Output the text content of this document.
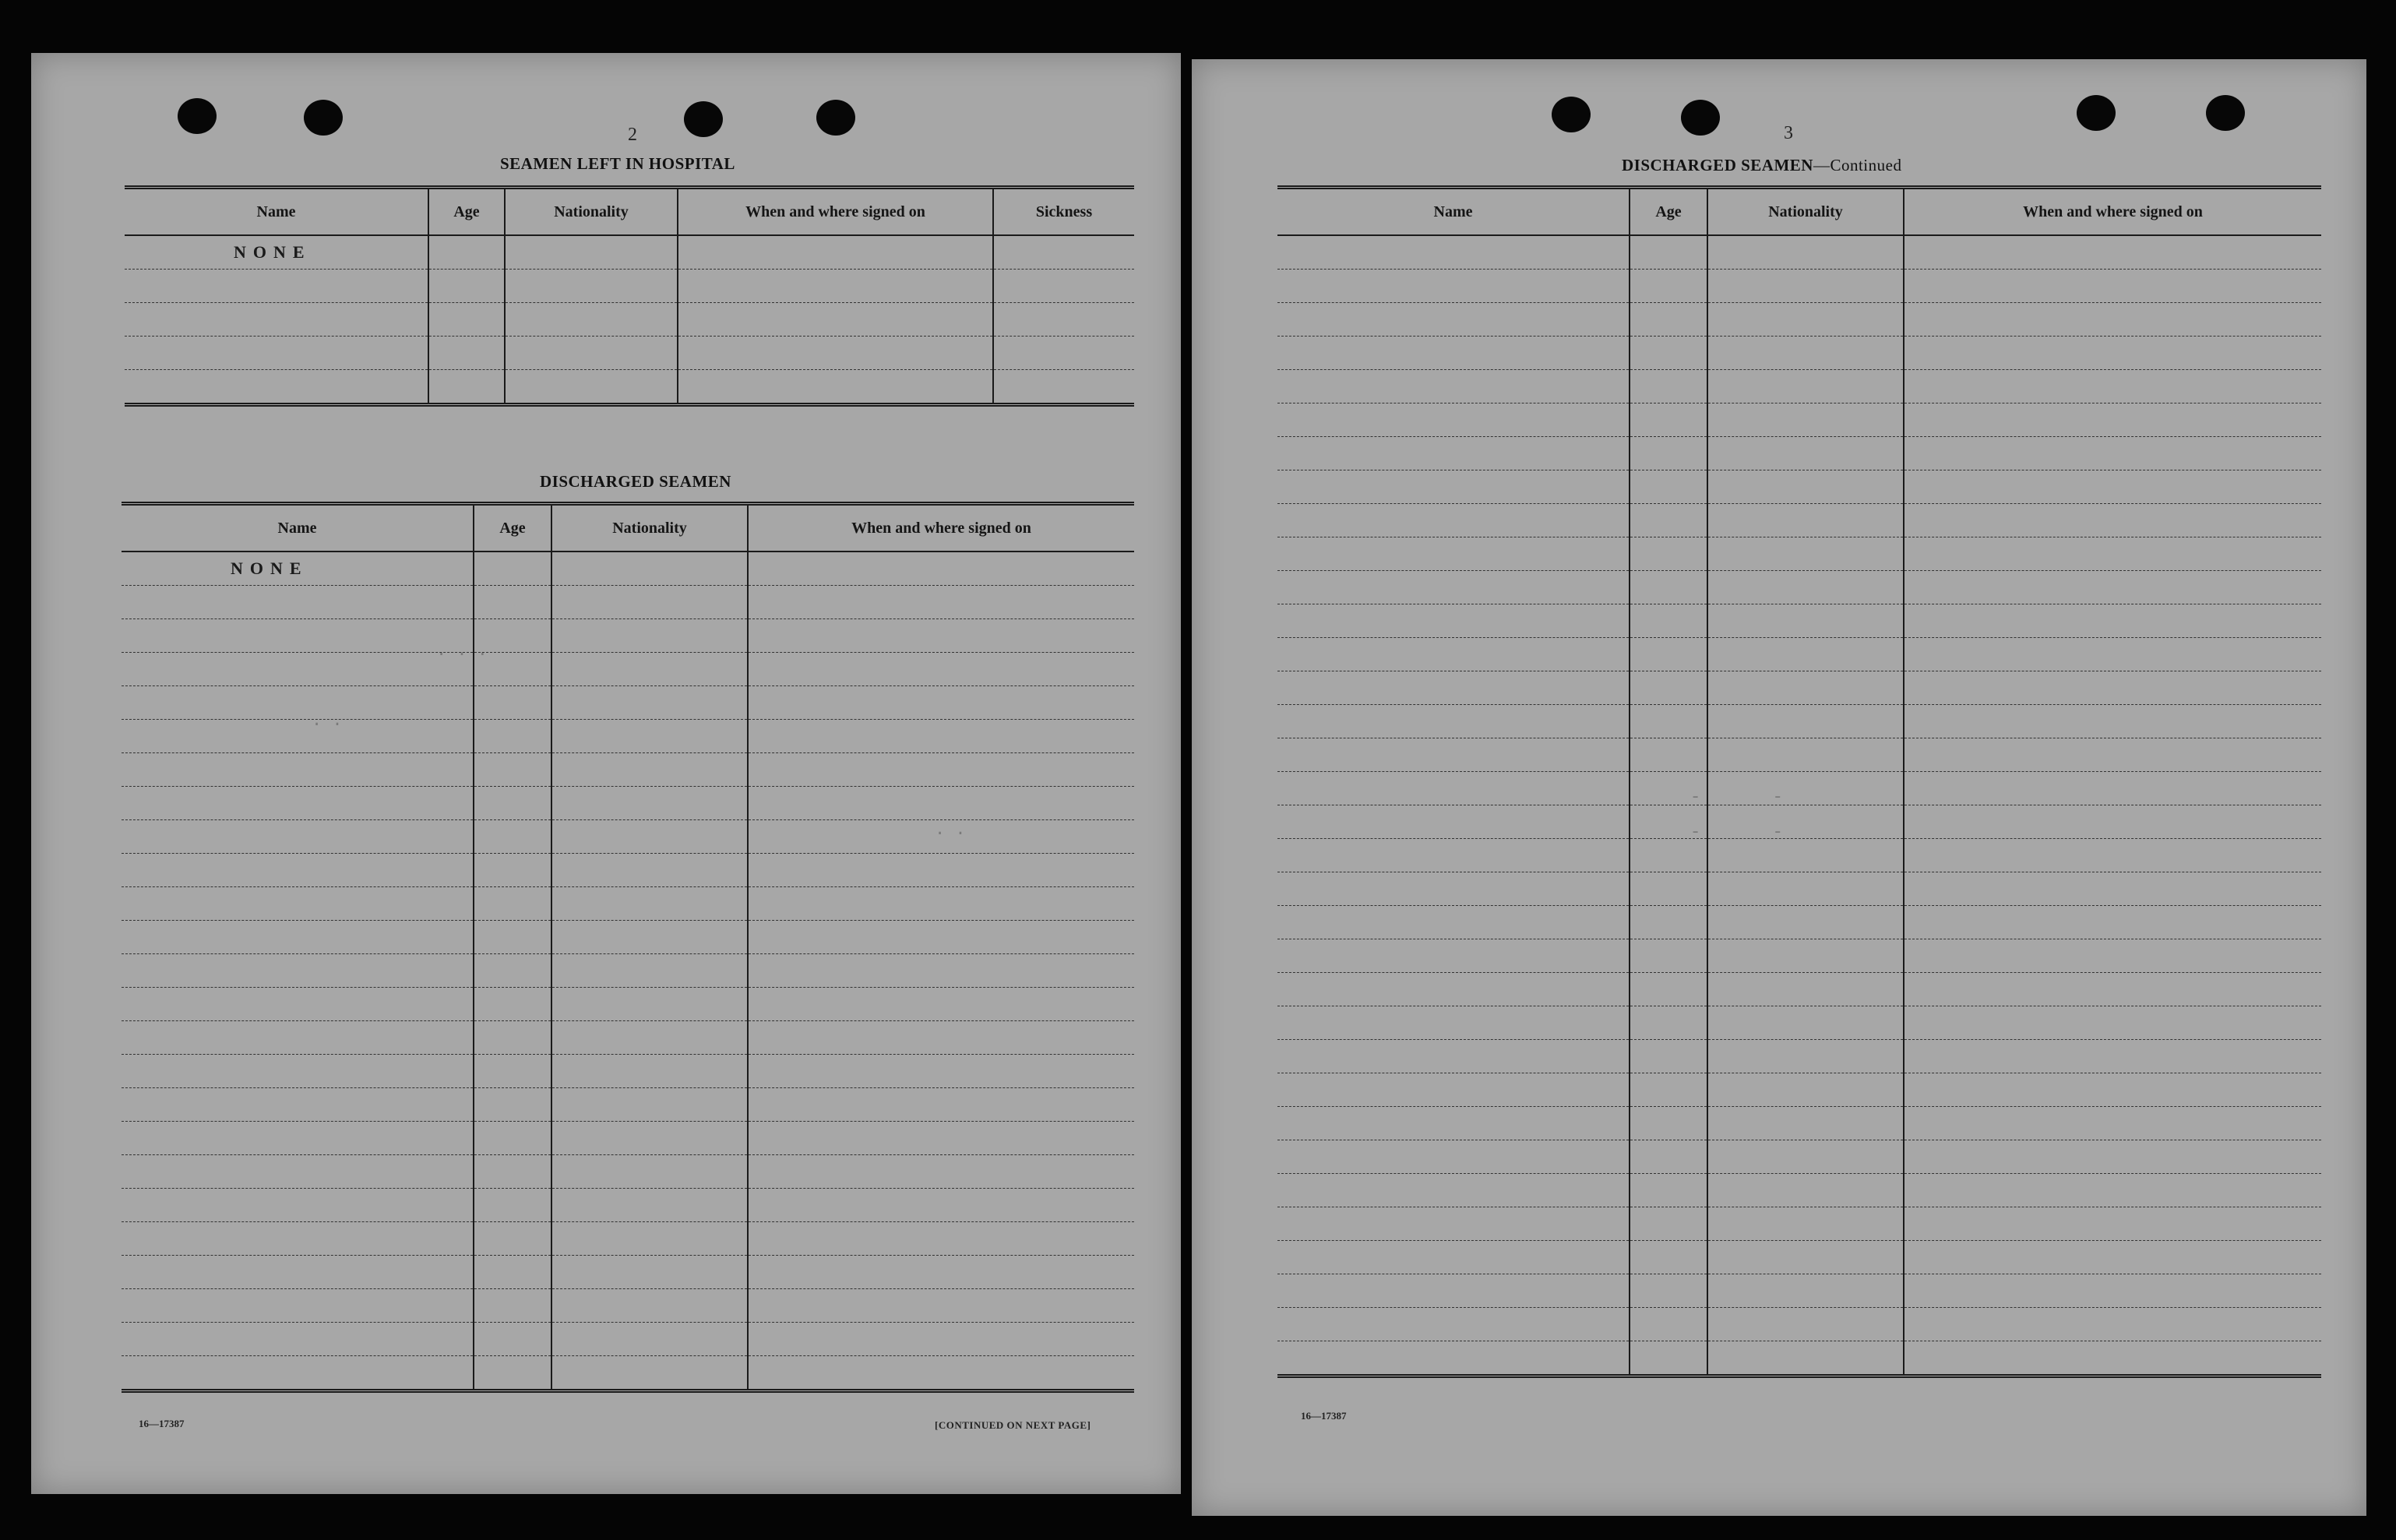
2
SEAMEN LEFT IN HOSPITAL
Name	Age	Nationality	When and where signed on	Sickness
NONE				

DISCHARGED SEAMEN
Name	Age	Nationality	When and where signed on
NONE			

. . .
. .
. .
16—17387	[CONTINUED ON NEXT PAGE]
3
DISCHARGED SEAMEN—Continued
Name	Age	Nationality	When and where signed on

-       -
-       -
16—17387
